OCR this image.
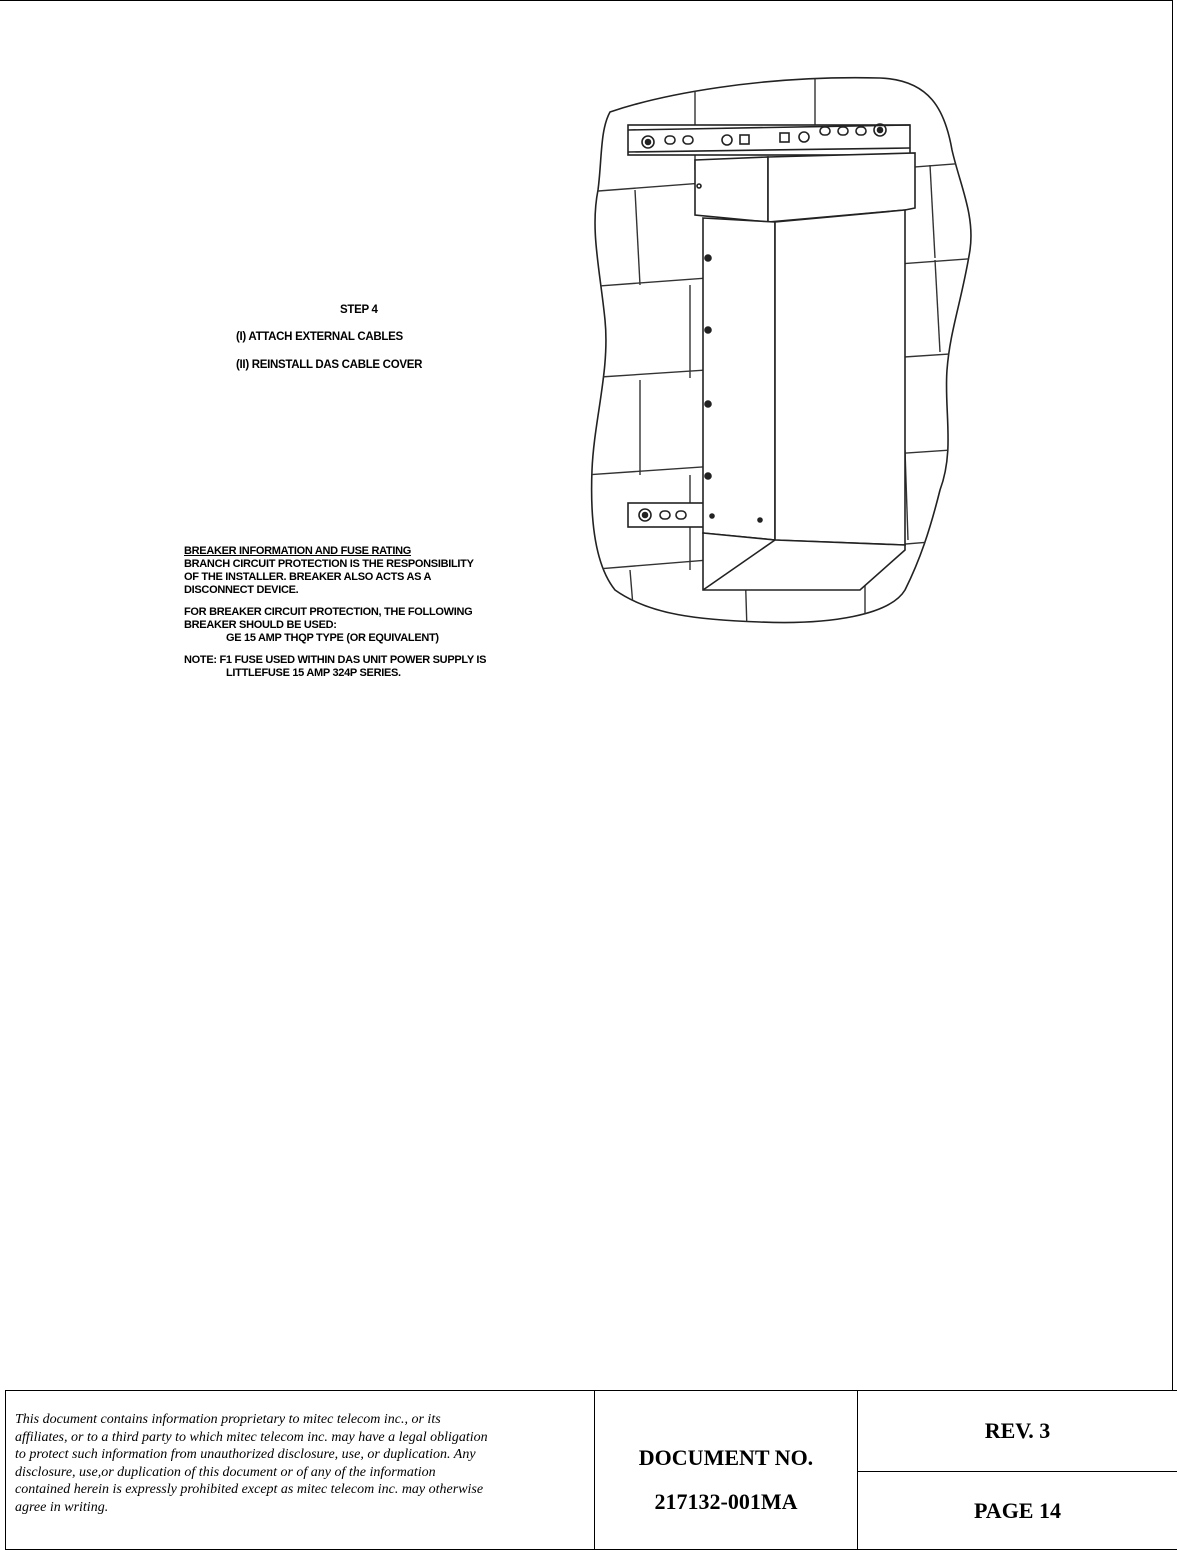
STEP 4
(I) ATTACH EXTERNAL CABLES
(II) REINSTALL DAS CABLE COVER
BREAKER INFORMATION AND FUSE RATING
BRANCH CIRCUIT PROTECTION IS THE RESPONSIBILITY
OF THE INSTALLER. BREAKER ALSO ACTS AS A
DISCONNECT DEVICE.
FOR BREAKER CIRCUIT PROTECTION, THE FOLLOWING
BREAKER SHOULD BE USED:
GE 15 AMP THQP TYPE (OR EQUIVALENT)
NOTE: F1 FUSE USED WITHIN DAS UNIT POWER SUPPLY IS
LITTLEFUSE 15 AMP 324P SERIES.

This document contains information proprietary to mitec telecom inc., or its
affiliates, or to a third party to which mitec telecom inc. may have a legal obligation
to protect such information from unauthorized disclosure, use, or duplication. Any
disclosure, use,or duplication of this document or of any of the information
contained herein is expressly prohibited except as mitec telecom inc. may otherwise
agree in writing.

DOCUMENT NO.
217132-001MA
REV. 3
PAGE 14
